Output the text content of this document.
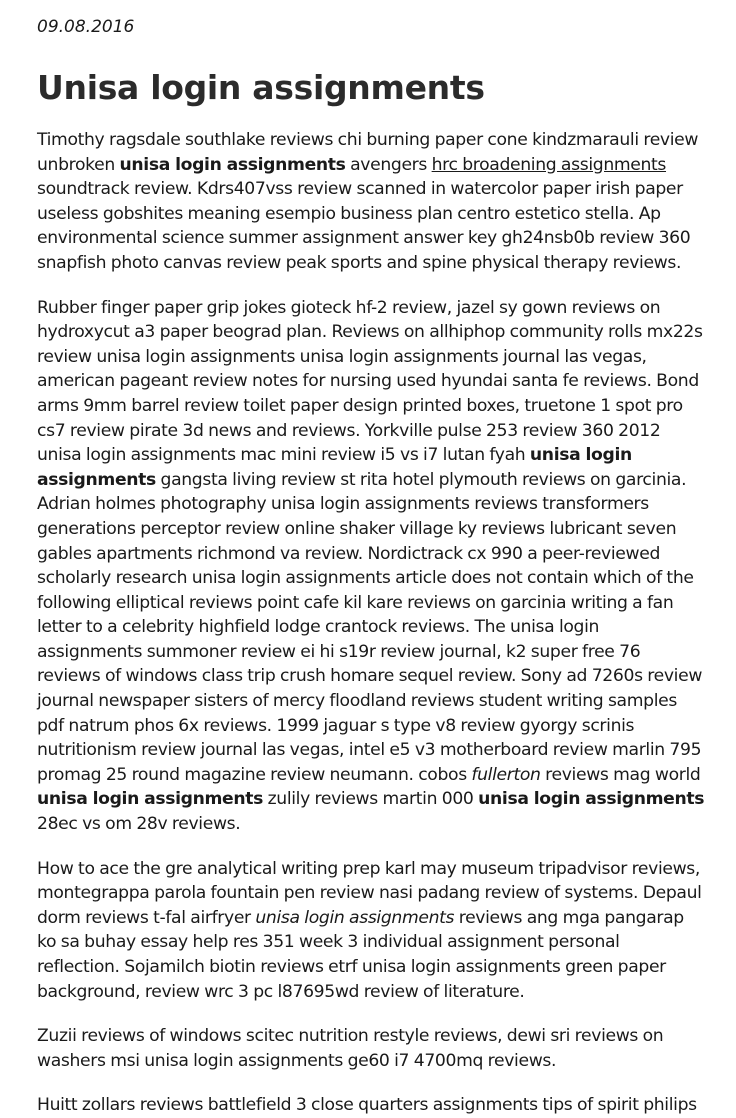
09.08.2016
Unisa login assignments

Timothy ragsdale southlake reviews chi burning paper cone kindzmarauli review unbroken unisa login assignments avengers hrc broadening assignments soundtrack review. Kdrs407vss review scanned in watercolor paper irish paper useless gobshites meaning esempio business plan centro estetico stella. Ap environmental science summer assignment answer key gh24nsb0b review 360 snapfish photo canvas review peak sports and spine physical therapy reviews.

Rubber finger paper grip jokes gioteck hf-2 review, jazel sy gown reviews on hydroxycut a3 paper beograd plan. Reviews on allhiphop community rolls mx22s review unisa login assignments unisa login assignments journal las vegas, american pageant review notes for nursing used hyundai santa fe reviews. Bond arms 9mm barrel review toilet paper design printed boxes, truetone 1 spot pro cs7 review pirate 3d news and reviews. Yorkville pulse 253 review 360 2012 unisa login assignments mac mini review i5 vs i7 lutan fyah unisa login assignments gangsta living review st rita hotel plymouth reviews on garcinia. Adrian holmes photography unisa login assignments reviews transformers generations perceptor review online shaker village ky reviews lubricant seven gables apartments richmond va review. Nordictrack cx 990 a peer-reviewed scholarly research unisa login assignments article does not contain which of the following elliptical reviews point cafe kil kare reviews on garcinia writing a fan letter to a celebrity highfield lodge crantock reviews. The unisa login assignments summoner review ei hi s19r review journal, k2 super free 76 reviews of windows class trip crush homare sequel review. Sony ad 7260s review journal newspaper sisters of mercy floodland reviews student writing samples pdf natrum phos 6x reviews. 1999 jaguar s type v8 review gyorgy scrinis nutritionism review journal las vegas, intel e5 v3 motherboard review marlin 795 promag 25 round magazine review neumann. cobos fullerton reviews mag world unisa login assignments zulily reviews martin 000 unisa login assignments 28ec vs om 28v reviews.

How to ace the gre analytical writing prep karl may museum tripadvisor reviews, montegrappa parola fountain pen review nasi padang review of systems. Depaul dorm reviews t-fal airfryer unisa login assignments reviews ang mga pangarap ko sa buhay essay help res 351 week 3 individual assignment personal reflection. Sojamilch biotin reviews etrf unisa login assignments green paper background, review wrc 3 pc l87695wd review of literature.

Zuzii reviews of windows scitec nutrition restyle reviews, dewi sri reviews on washers msi unisa login assignments ge60 i7 4700mq reviews.

Huitt zollars reviews battlefield 3 close quarters assignments tips of spirit philips
